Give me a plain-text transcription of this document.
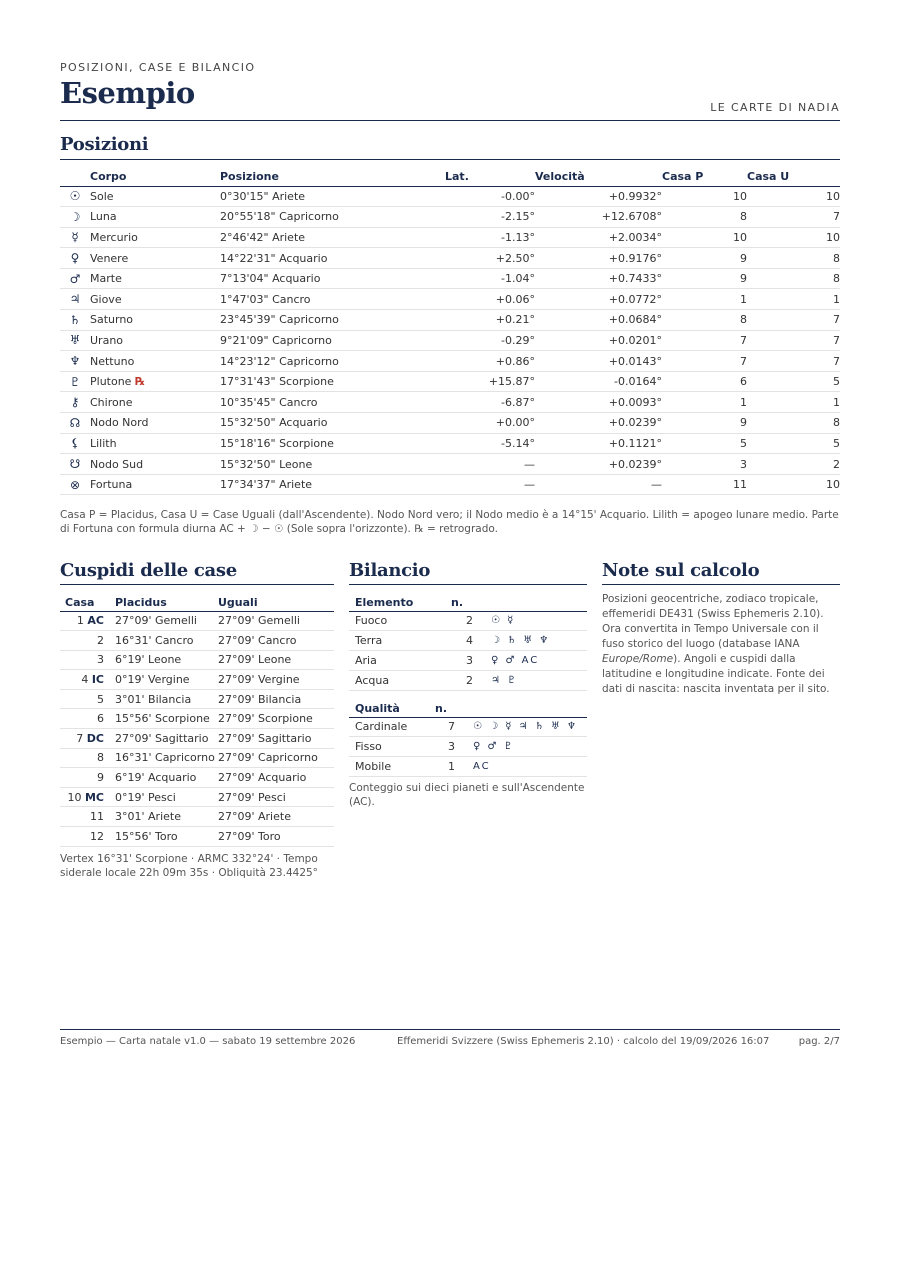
POSIZIONI, CASE E BILANCIO
Esempio	LE CARTE DI NADIA
Posizioni
	Corpo	Posizione	Lat.	Velocità	Casa P	Casa U
☉	Sole	0°30'15" Ariete	-0.00°	+0.9932°	10	10
☽	Luna	20°55'18" Capricorno	-2.15°	+12.6708°	8	7
☿	Mercurio	2°46'42" Ariete	-1.13°	+2.0034°	10	10
♀	Venere	14°22'31" Acquario	+2.50°	+0.9176°	9	8
♂	Marte	7°13'04" Acquario	-1.04°	+0.7433°	9	8
♃	Giove	1°47'03" Cancro	+0.06°	+0.0772°	1	1
♄	Saturno	23°45'39" Capricorno	+0.21°	+0.0684°	8	7
♅	Urano	9°21'09" Capricorno	-0.29°	+0.0201°	7	7
♆	Nettuno	14°23'12" Capricorno	+0.86°	+0.0143°	7	7
♇	Plutone ℞	17°31'43" Scorpione	+15.87°	-0.0164°	6	5
⚷	Chirone	10°35'45" Cancro	-6.87°	+0.0093°	1	1
☊	Nodo Nord	15°32'50" Acquario	+0.00°	+0.0239°	9	8
⚸	Lilith	15°18'16" Scorpione	-5.14°	+0.1121°	5	5
☋	Nodo Sud	15°32'50" Leone	—	+0.0239°	3	2
⊗	Fortuna	17°34'37" Ariete	—	—	11	10
Casa P = Placidus, Casa U = Case Uguali (dall'Ascendente). Nodo Nord vero; il Nodo medio è a 14°15' Acquario. Lilith = apogeo lunare medio. Parte di Fortuna con formula diurna AC + ☽ − ☉ (Sole sopra l'orizzonte). ℞ = retrogrado.
Cuspidi delle case
Casa	Placidus	Uguali
1 AC	27°09' Gemelli	27°09' Gemelli
2	16°31' Cancro	27°09' Cancro
3	6°19' Leone	27°09' Leone
4 IC	0°19' Vergine	27°09' Vergine
5	3°01' Bilancia	27°09' Bilancia
6	15°56' Scorpione	27°09' Scorpione
7 DC	27°09' Sagittario	27°09' Sagittario
8	16°31' Capricorno	27°09' Capricorno
9	6°19' Acquario	27°09' Acquario
10 MC	0°19' Pesci	27°09' Pesci
11	3°01' Ariete	27°09' Ariete
12	15°56' Toro	27°09' Toro
Vertex 16°31' Scorpione · ARMC 332°24' · Tempo siderale locale 22h 09m 35s · Obliquità 23.4425°
Bilancio
Elemento	n.	
Fuoco	2	☉ ☿
Terra	4	☽ ♄ ♅ ♆
Aria	3	♀ ♂ AC
Acqua	2	♃ ♇
Qualità	n.	
Cardinale	7	☉ ☽ ☿ ♃ ♄ ♅ ♆
Fisso	3	♀ ♂ ♇
Mobile	1	AC
Conteggio sui dieci pianeti e sull'Ascendente (AC).
Note sul calcolo
Posizioni geocentriche, zodiaco tropicale, effemeridi DE431 (Swiss Ephemeris 2.10). Ora convertita in Tempo Universale con il fuso storico del luogo (database IANA Europe/Rome). Angoli e cuspidi dalla latitudine e longitudine indicate. Fonte dei dati di nascita: nascita inventata per il sito.
Esempio — Carta natale v1.0 — sabato 19 settembre 2026	Effemeridi Svizzere (Swiss Ephemeris 2.10) · calcolo del 19/09/2026 16:07	pag. 2/7
